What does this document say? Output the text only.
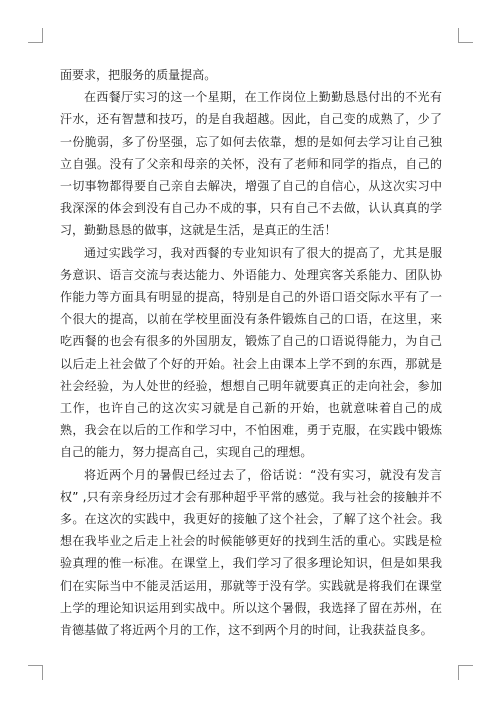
面要求，把服务的质量提高。

在西餐厅实习的这一个星期，在工作岗位上勤勤恳恳付出的不光有汗水，还有智慧和技巧，的是自我超越。因此，自己变的成熟了，少了一份脆弱，多了份坚强，忘了如何去依靠，想的是如何去学习让自己独立自强。没有了父亲和母亲的关怀，没有了老师和同学的指点，自己的一切事物都得要自己亲自去解决，增强了自己的自信心，从这次实习中我深深的体会到没有自己办不成的事，只有自己不去做，认认真真的学习，勤勤恳恳的做事，这就是生活，是真正的生活！

通过实践学习，我对西餐的专业知识有了很大的提高了，尤其是服务意识、语言交流与表达能力、外语能力、处理宾客关系能力、团队协作能力等方面具有明显的提高，特别是自己的外语口语交际水平有了一个很大的提高，以前在学校里面没有条件锻炼自己的口语，在这里，来吃西餐的也会有很多的外国朋友，锻炼了自己的口语说得能力，为自己以后走上社会做了个好的开始。社会上由课本上学不到的东西，那就是社会经验，为人处世的经验，想想自己明年就要真正的走向社会，参加工作，也许自己的这次实习就是自己新的开始，也就意味着自己的成熟，我会在以后的工作和学习中，不怕困难，勇于克服，在实践中锻炼自己的能力，努力提高自己，实现自己的理想。

将近两个月的暑假已经过去了，俗话说：“没有实习，就没有发言权” ,只有亲身经历过才会有那种超乎平常的感觉。我与社会的接触并不多。在这次的实践中，我更好的接触了这个社会，了解了这个社会。我想在我毕业之后走上社会的时候能够更好的找到生活的重心。实践是检验真理的惟一标准。在课堂上，我们学习了很多理论知识，但是如果我们在实际当中不能灵活运用，那就等于没有学。实践就是将我们在课堂上学的理论知识运用到实战中。所以这个暑假，我选择了留在苏州，在肯德基做了将近两个月的工作，这不到两个月的时间，让我获益良多。
